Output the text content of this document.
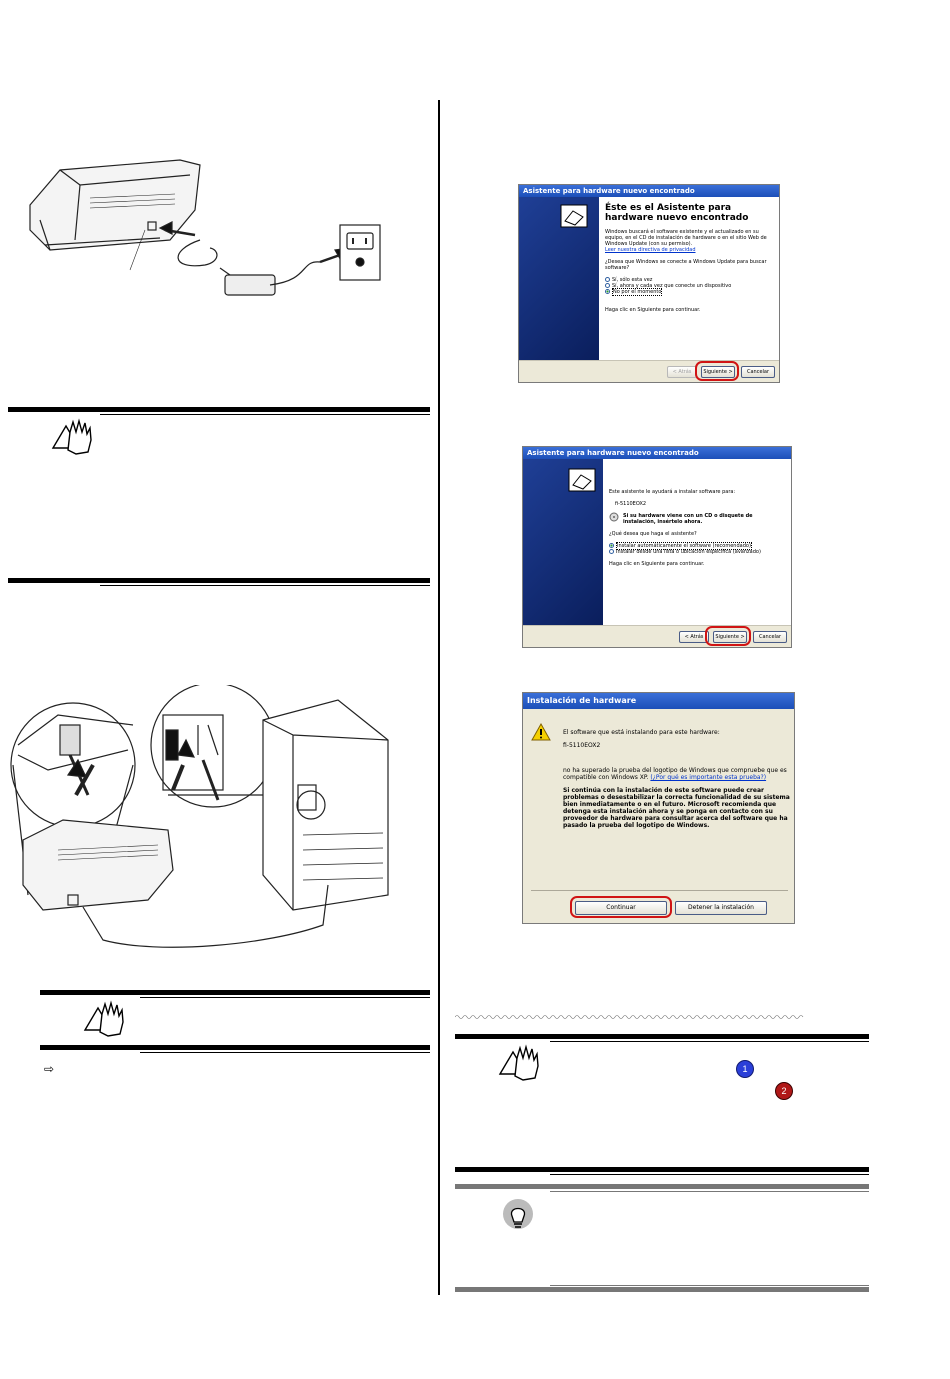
⇨
Asistente para hardware nuevo encontrado
Éste es el Asistente para hardware nuevo encontrado
Windows buscará el software existente y el actualizado en su equipo, en el CD de instalación de hardware o en el sitio Web de Windows Update (con su permiso).
Leer nuestra directiva de privacidad
¿Desea que Windows se conecte a Windows Update para buscar software?
Sí, sólo esta vez
Sí, ahora y cada vez que conecte un dispositivo
No por el momento
Haga clic en Siguiente para continuar.
< Atrás	Siguiente >	Cancelar
Asistente para hardware nuevo encontrado
Este asistente le ayudará a instalar software para:
fi-5110EOX2
Si su hardware viene con un CD o disquete de instalación, insértelo ahora.
¿Qué desea que haga el asistente?
Instalar automáticamente el software (recomendado)
Instalar desde una lista o ubicación específica (avanzado)
Haga clic en Siguiente para continuar.
< Atrás	Siguiente >	Cancelar
Instalación de hardware
El software que está instalando para este hardware:
fi-5110EOX2
no ha superado la prueba del logotipo de Windows que compruebe que es compatible con Windows XP. (¿Por qué es importante esta prueba?)
Si continúa con la instalación de este software puede crear problemas o desestabilizar la correcta funcionalidad de su sistema bien inmediatamente o en el futuro. Microsoft recomienda que detenga esta instalación ahora y se ponga en contacto con su proveedor de hardware para consultar acerca del software que ha pasado la prueba del logotipo de Windows.
Continuar	Detener la instalación
1
2
